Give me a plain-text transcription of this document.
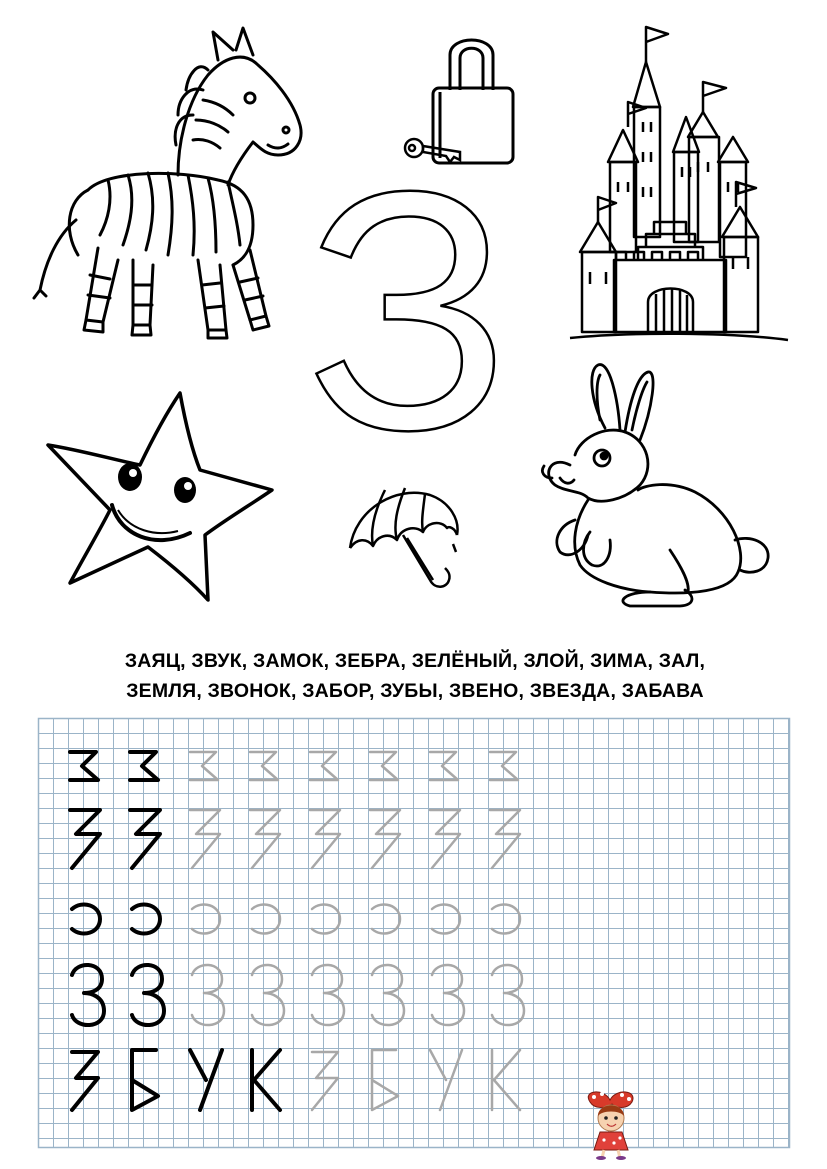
З
ЗАЯЦ, ЗВУК, ЗАМОК, ЗЕБРА, ЗЕЛЁНЫЙ, ЗЛОЙ, ЗИМА, ЗАЛ,
ЗЕМЛЯ, ЗВОНОК, ЗАБОР, ЗУБЫ, ЗВЕНО, ЗВЕЗДА, ЗАБАВА
